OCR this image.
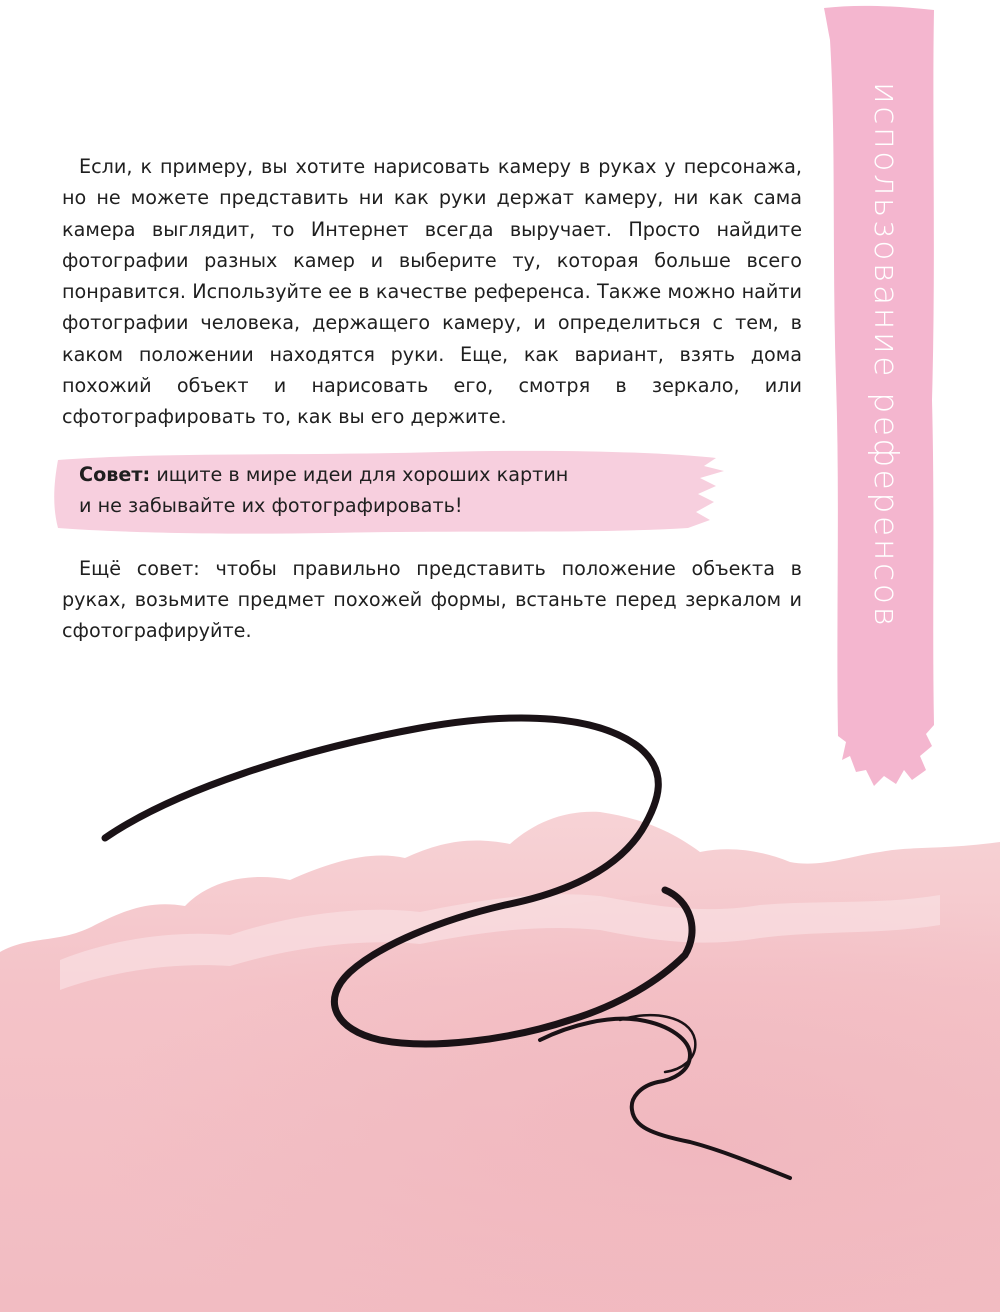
использование референсов

Если, к примеру, вы хотите нарисовать камеру в руках у персонажа, но не можете представить ни как руки держат камеру, ни как сама камера выглядит, то Интернет всегда выручает. Просто найдите фотографии разных камер и выберите ту, которая больше всего понравится. Используйте ее в качестве референса. Также можно найти фотографии человека, держащего камеру, и определиться с тем, в каком положении находятся руки. Еще, как вариант, взять дома похожий объект и нарисовать его, смотря в зеркало, или сфотографировать то, как вы его держите.

Совет: ищите в мире идеи для хороших картин
и не забывайте их фотографировать!

Ещё совет: чтобы правильно представить положение объекта в руках, возьмите предмет похожей формы, встаньте перед зеркалом и сфотографируйте.
